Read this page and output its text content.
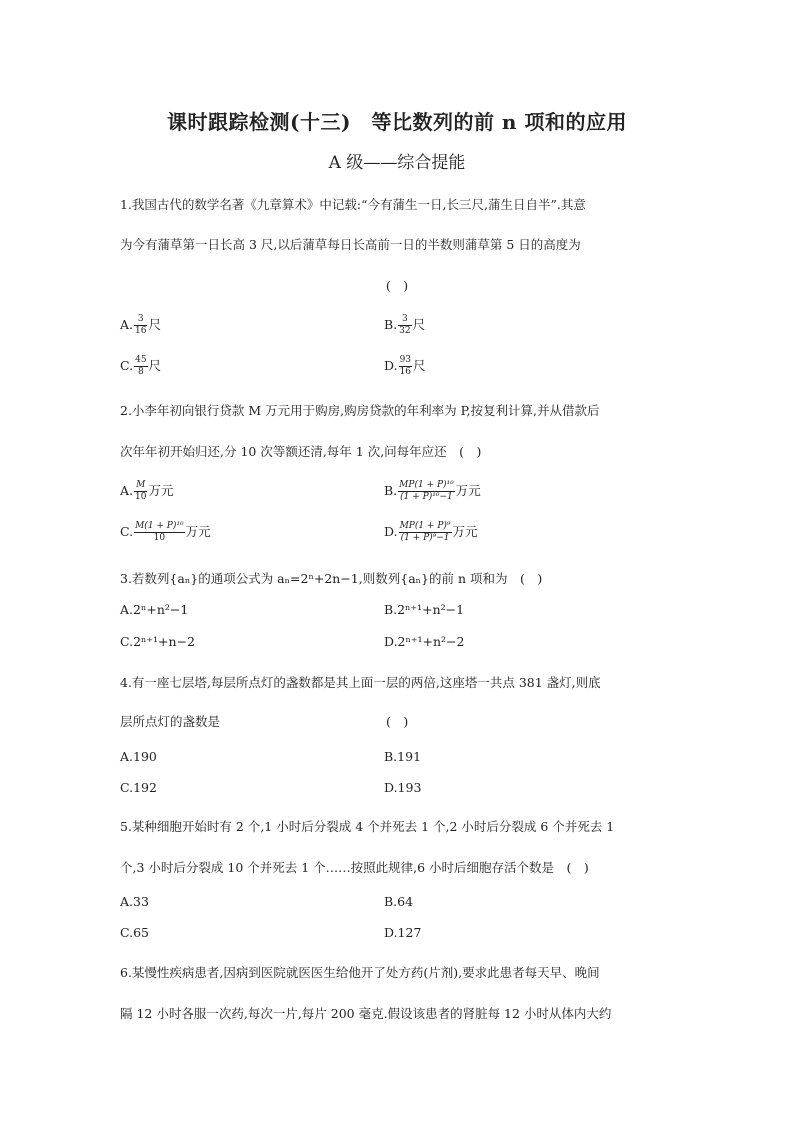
课时跟踪检测(十三)　等比数列的前 n 项和的应用
A 级——综合提能
1.我国古代的数学名著《九章算术》中记载:“今有蒲生一日,长三尺,蒲生日自半”.其意
为今有蒲草第一日长高 3 尺,以后蒲草每日长高前一日的半数则蒲草第 5 日的高度为
(　)
A. $\frac{3}{16}$ 尺	B. $\frac{3}{32}$ 尺
C. $\frac{45}{8}$ 尺	D. $\frac{93}{16}$ 尺
2.小李年初向银行贷款 M 万元用于购房,购房贷款的年利率为 P,按复利计算,并从借款后
次年年初开始归还,分 10 次等额还清,每年 1 次,问每年应还　(　)
A. $\frac{M}{10}$ 万元	B. $\frac{\text{MP(1 + P)¹⁰}}{\text{(1 + P)¹⁰−1}}$ 万元
C. $\frac{\text{M(1 + P)¹⁰}}{10}$ 万元	D. $\frac{\text{MP(1 + P)⁹}}{\text{(1 + P)⁹−1}}$ 万元
3.若数列{aₙ}的通项公式为 aₙ=2ⁿ+2n−1,则数列{aₙ}的前 n 项和为　(　)
A.2ⁿ+n²−1	B.2ⁿ⁺¹+n²−1
C.2ⁿ⁺¹+n−2	D.2ⁿ⁺¹+n²−2
4.有一座七层塔,每层所点灯的盏数都是其上面一层的两倍,这座塔一共点 381 盏灯,则底
层所点灯的盏数是	(　)
A.190	B.191
C.192	D.193
5.某种细胞开始时有 2 个,1 小时后分裂成 4 个并死去 1 个,2 小时后分裂成 6 个并死去 1
个,3 小时后分裂成 10 个并死去 1 个……按照此规律,6 小时后细胞存活个数是　(　)
A.33	B.64
C.65	D.127
6.某慢性疾病患者,因病到医院就医医生给他开了处方药(片剂),要求此患者每天早、晚间
隔 12 小时各服一次药,每次一片,每片 200 毫克.假设该患者的肾脏每 12 小时从体内大约
